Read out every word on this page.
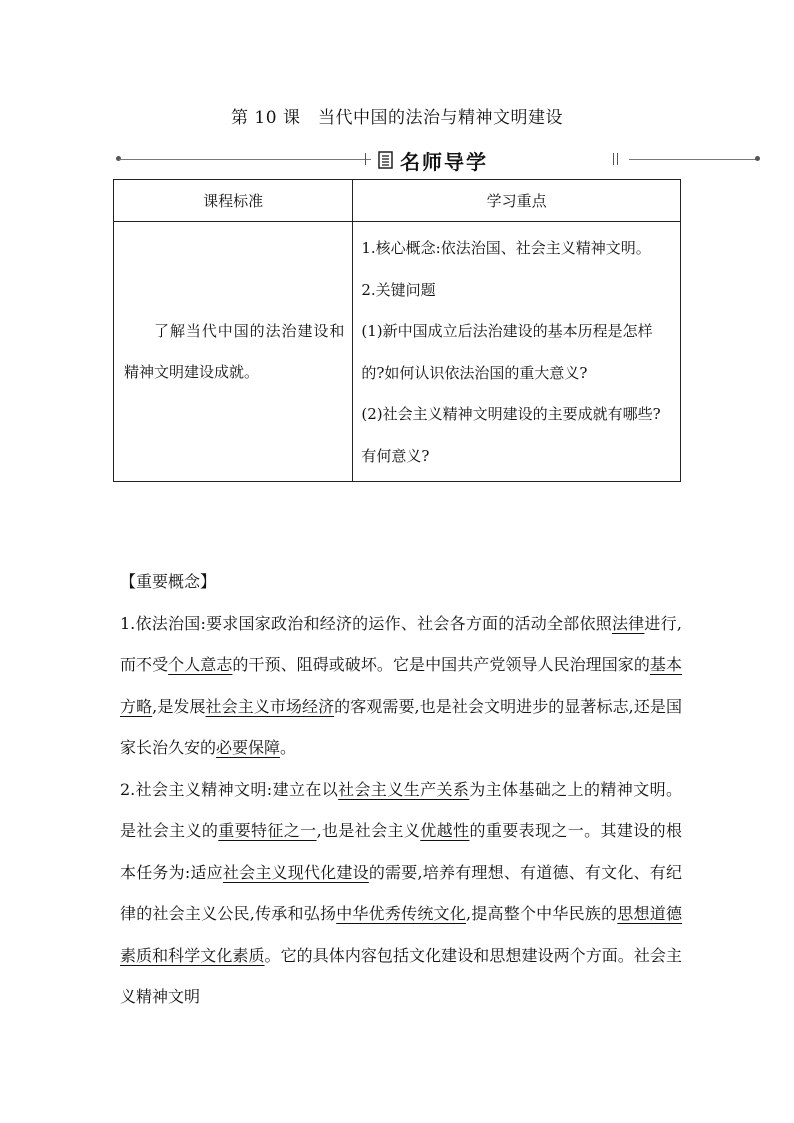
第 10 课　当代中国的法治与精神文明建设
名师导学
课程标准	学习重点
了解当代中国的法治建设和精神文明建设成就。	1.核心概念:依法治国、社会主义精神文明。

2.关键问题

(1)新中国成立后法治建设的基本历程是怎样的?如何认识依法治国的重大意义?

(2)社会主义精神文明建设的主要成就有哪些?有何意义?

【重要概念】

1.依法治国:要求国家政治和经济的运作、社会各方面的活动全部依照法律进行,而不受个人意志的干预、阻碍或破坏。它是中国共产党领导人民治理国家的基本方略,是发展社会主义市场经济的客观需要,也是社会文明进步的显著标志,还是国家长治久安的必要保障。

2.社会主义精神文明:建立在以社会主义生产关系为主体基础之上的精神文明。是社会主义的重要特征之一,也是社会主义优越性的重要表现之一。其建设的根本任务为:适应社会主义现代化建设的需要,培养有理想、有道德、有文化、有纪律的社会主义公民,传承和弘扬中华优秀传统文化,提高整个中华民族的思想道德素质和科学文化素质。它的具体内容包括文化建设和思想建设两个方面。社会主义精神文明
